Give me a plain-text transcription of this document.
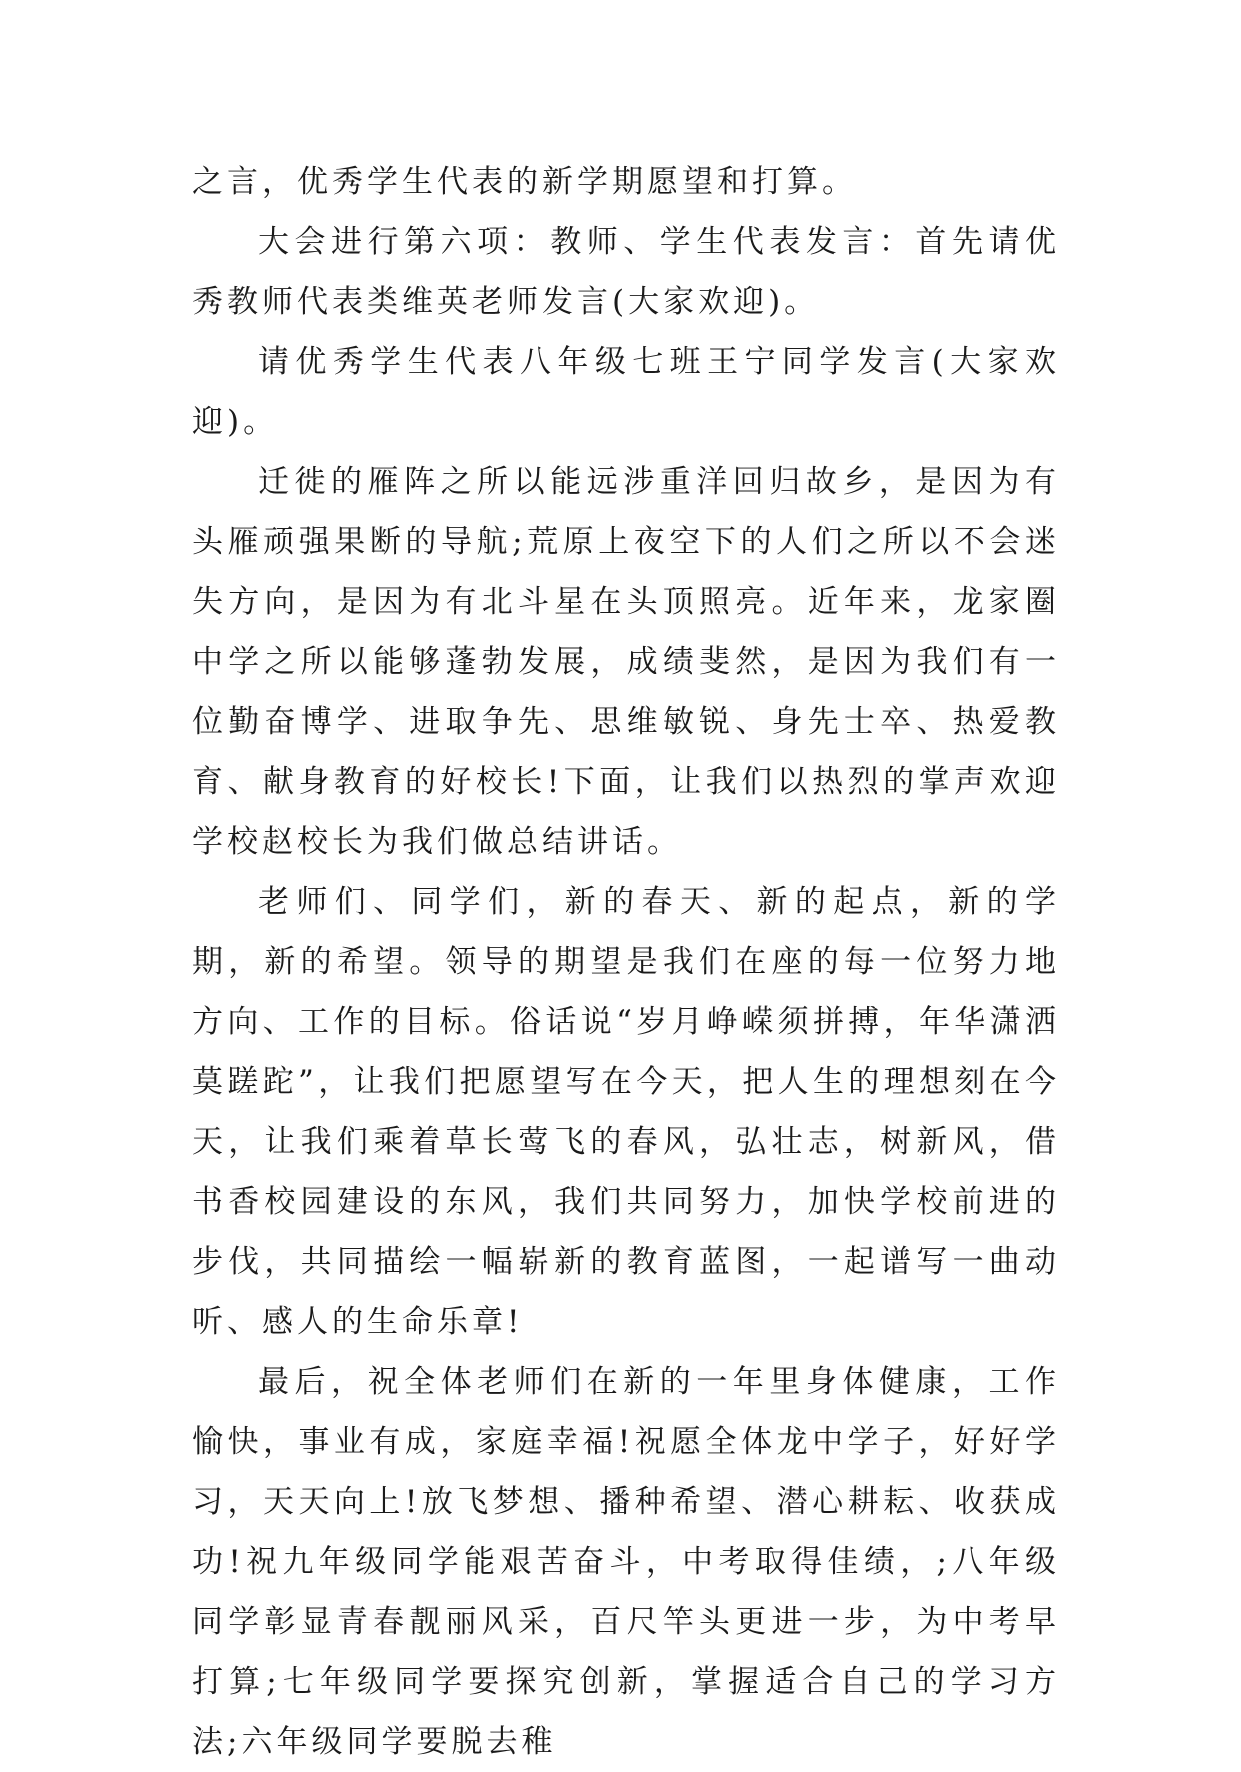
之言，优秀学生代表的新学期愿望和打算。

大会进行第六项：教师、学生代表发言：首先请优秀教师代表类维英老师发言(大家欢迎)。

请优秀学生代表八年级七班王宁同学发言(大家欢迎)。

迁徙的雁阵之所以能远涉重洋回归故乡，是因为有头雁顽强果断的导航;荒原上夜空下的人们之所以不会迷失方向，是因为有北斗星在头顶照亮。近年来，龙家圈中学之所以能够蓬勃发展，成绩斐然，是因为我们有一位勤奋博学、进取争先、思维敏锐、身先士卒、热爱教育、献身教育的好校长!下面，让我们以热烈的掌声欢迎学校赵校长为我们做总结讲话。

老师们、同学们，新的春天、新的起点，新的学期，新的希望。领导的期望是我们在座的每一位努力地方向、工作的目标。俗话说“岁月峥嵘须拼搏，年华潇洒莫蹉跎”，让我们把愿望写在今天，把人生的理想刻在今天，让我们乘着草长莺飞的春风，弘壮志，树新风，借书香校园建设的东风，我们共同努力，加快学校前进的步伐，共同描绘一幅崭新的教育蓝图，一起谱写一曲动听、感人的生命乐章!

最后，祝全体老师们在新的一年里身体健康，工作愉快，事业有成，家庭幸福!祝愿全体龙中学子，好好学习，天天向上!放飞梦想、播种希望、潜心耕耘、收获成功!祝九年级同学能艰苦奋斗，中考取得佳绩，;八年级同学彰显青春靓丽风采，百尺竿头更进一步，为中考早打算;七年级同学要探究创新，掌握适合自己的学习方法;六年级同学要脱去稚
